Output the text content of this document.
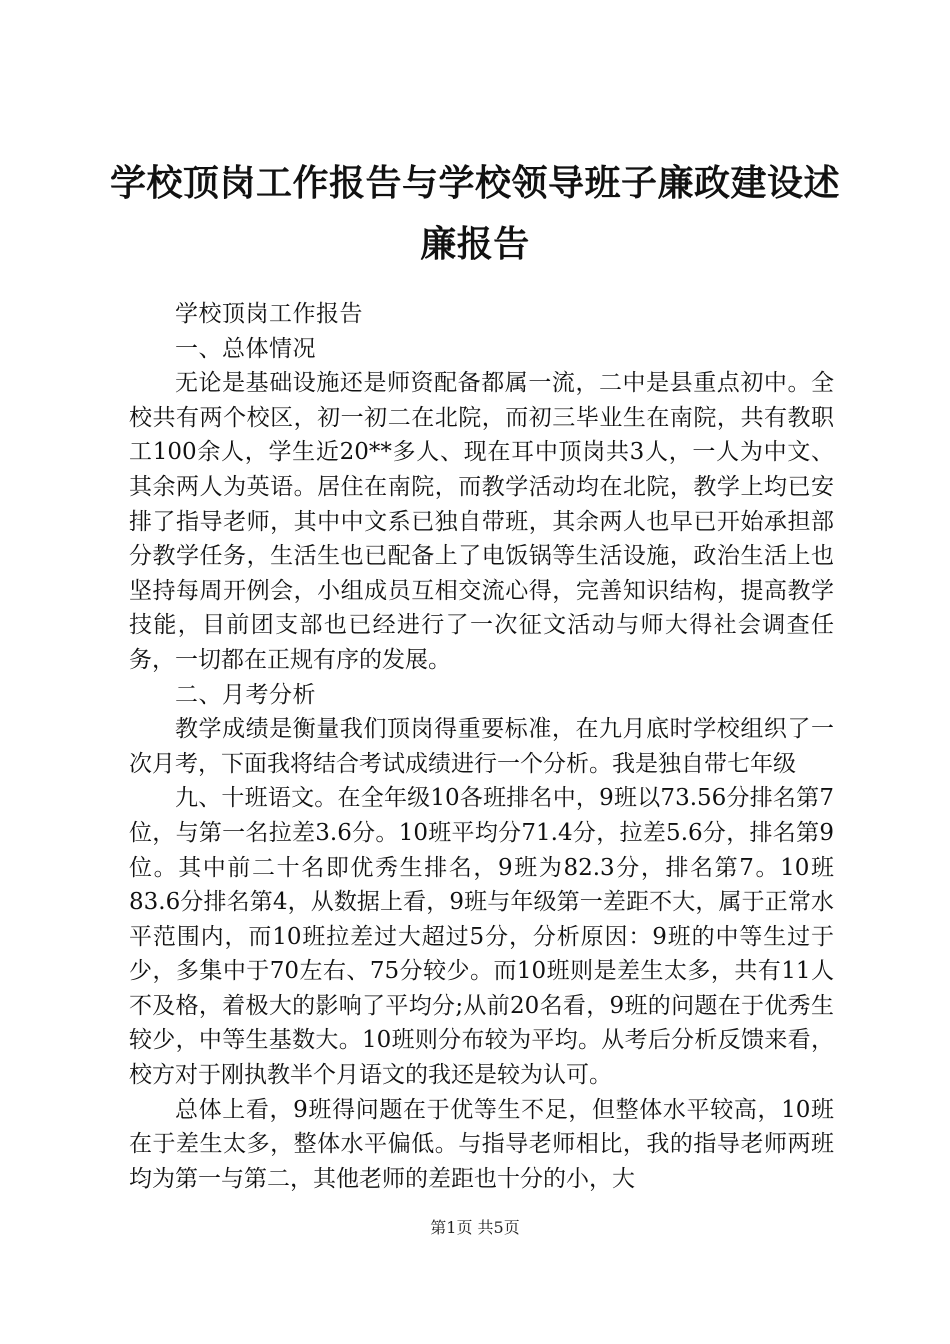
学校顶岗工作报告与学校领导班子廉政建设述
廉报告

学校顶岗工作报告

一、总体情况

无论是基础设施还是师资配备都属一流，二中是县重点初中。全校共有两个校区，初一初二在北院，而初三毕业生在南院，共有教职工100余人，学生近20**多人、现在耳中顶岗共3人，一人为中文、其余两人为英语。居住在南院，而教学活动均在北院，教学上均已安排了指导老师，其中中文系已独自带班，其余两人也早已开始承担部分教学任务，生活生也已配备上了电饭锅等生活设施，政治生活上也坚持每周开例会，小组成员互相交流心得，完善知识结构，提高教学技能，目前团支部也已经进行了一次征文活动与师大得社会调查任务，一切都在正规有序的发展。

二、月考分析

教学成绩是衡量我们顶岗得重要标准，在九月底时学校组织了一次月考，下面我将结合考试成绩进行一个分析。我是独自带七年级

九、十班语文。在全年级10各班排名中，9班以73.56分排名第7位，与第一名拉差3.6分。10班平均分71.4分，拉差5.6分，排名第9位。其中前二十名即优秀生排名，9班为82.3分，排名第7。10班83.6分排名第4，从数据上看，9班与年级第一差距不大，属于正常水平范围内，而10班拉差过大超过5分，分析原因：9班的中等生过于少，多集中于70左右、75分较少。而10班则是差生太多，共有11人不及格，着极大的影响了平均分;从前20名看，9班的问题在于优秀生较少，中等生基数大。10班则分布较为平均。从考后分析反馈来看，校方对于刚执教半个月语文的我还是较为认可。

总体上看，9班得问题在于优等生不足，但整体水平较高，10班在于差生太多，整体水平偏低。与指导老师相比，我的指导老师两班均为第一与第二，其他老师的差距也十分的小，大

第1页 共5页
